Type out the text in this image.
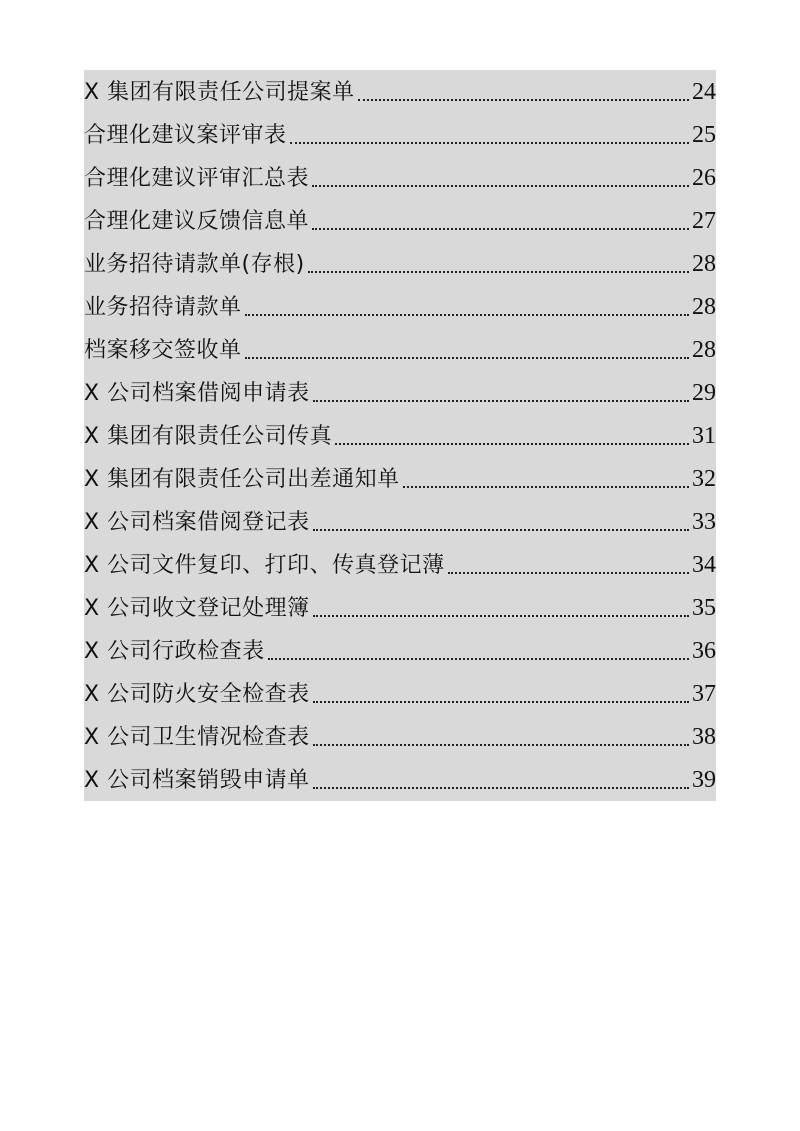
X 集团有限责任公司提案单	24
合理化建议案评审表	25
合理化建议评审汇总表	26
合理化建议反馈信息单	27
业务招待请款单(存根)	28
业务招待请款单	28
档案移交签收单	28
X 公司档案借阅申请表	29
X 集团有限责任公司传真	31
X 集团有限责任公司出差通知单	32
X 公司档案借阅登记表	33
X 公司文件复印、打印、传真登记薄	34
X 公司收文登记处理簿	35
X 公司行政检查表	36
X 公司防火安全检查表	37
X 公司卫生情况检查表	38
X 公司档案销毁申请单	39
